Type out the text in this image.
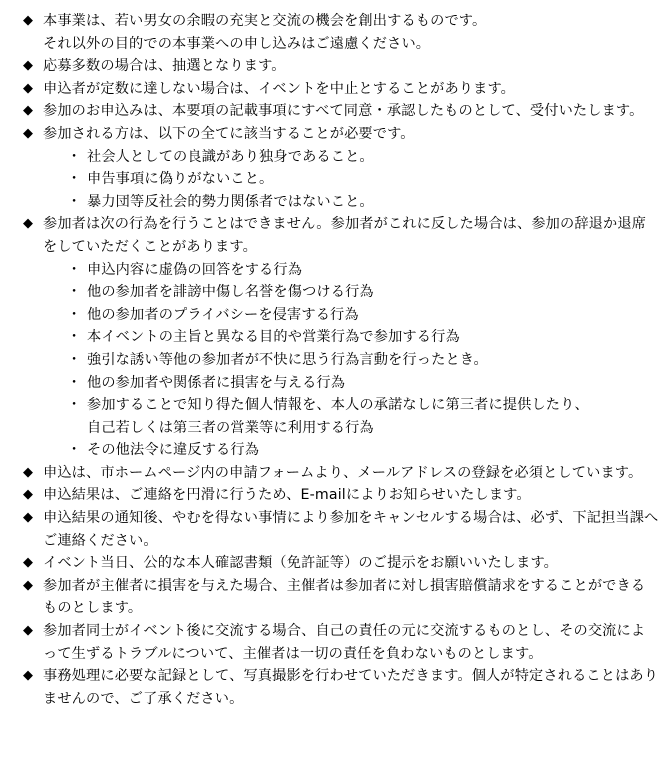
◆ 本事業は、若い男女の余暇の充実と交流の機会を創出するものです。
それ以外の目的での本事業への申し込みはご遠慮ください。
◆ 応募多数の場合は、抽選となります。
◆ 申込者が定数に達しない場合は、イベントを中止とすることがあります。
◆ 参加のお申込みは、本要項の記載事項にすべて同意・承認したものとして、受付いたします。
◆ 参加される方は、以下の全てに該当することが必要です。
・ 社会人としての良識があり独身であること。
・ 申告事項に偽りがないこと。
・ 暴力団等反社会的勢力関係者ではないこと。
◆ 参加者は次の行為を行うことはできません。参加者がこれに反した場合は、参加の辞退か退席をしていただくことがあります。
・ 申込内容に虚偽の回答をする行為
・ 他の参加者を誹謗中傷し名誉を傷つける行為
・ 他の参加者のプライバシーを侵害する行為
・ 本イベントの主旨と異なる目的や営業行為で参加する行為
・ 強引な誘い等他の参加者が不快に思う行為言動を行ったとき。
・ 他の参加者や関係者に損害を与える行為
・ 参加することで知り得た個人情報を、本人の承諾なしに第三者に提供したり、
自己若しくは第三者の営業等に利用する行為
・ その他法令に違反する行為
◆ 申込は、市ホームページ内の申請フォームより、メールアドレスの登録を必須としています。
◆ 申込結果は、ご連絡を円滑に行うため、E-mailによりお知らせいたします。
◆ 申込結果の通知後、やむを得ない事情により参加をキャンセルする場合は、必ず、下記担当課へご連絡ください。
◆ イベント当日、公的な本人確認書類（免許証等）のご提示をお願いいたします。
◆ 参加者が主催者に損害を与えた場合、主催者は参加者に対し損害賠償請求をすることができるものとします。
◆ 参加者同士がイベント後に交流する場合、自己の責任の元に交流するものとし、その交流によって生ずるトラブルについて、主催者は一切の責任を負わないものとします。
◆ 事務処理に必要な記録として、写真撮影を行わせていただきます。個人が特定されることはありませんので、ご了承ください。
